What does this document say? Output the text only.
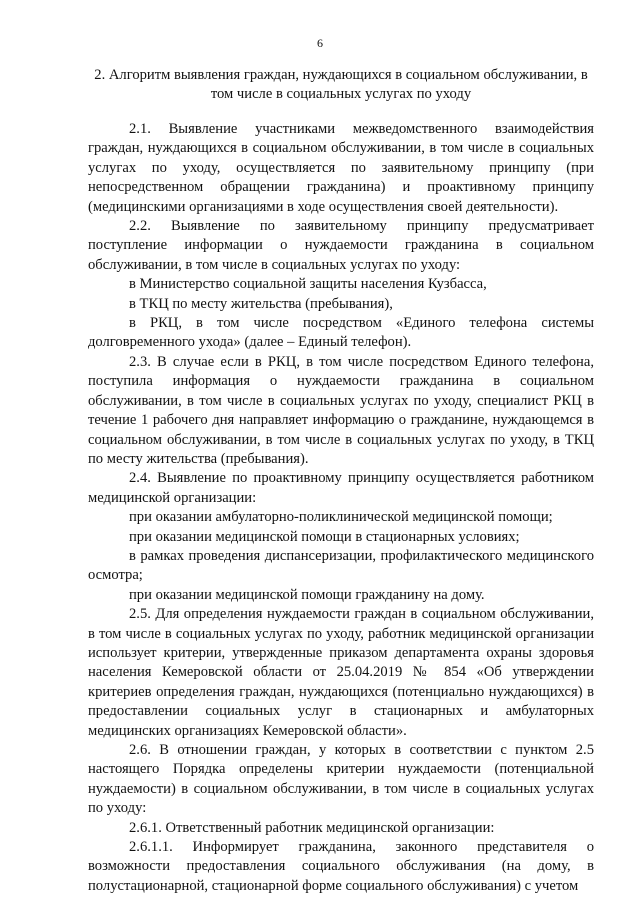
6
2. Алгоритм выявления граждан, нуждающихся в социальном обслуживании, в том числе в социальных услугах по уходу

2.1. Выявление участниками межведомственного взаимодействия граждан, нуждающихся в социальном обслуживании, в том числе в социальных услугах по уходу, осуществляется по заявительному принципу (при непосредственном обращении гражданина) и проактивному принципу (медицинскими организациями в ходе осуществления своей деятельности).

2.2. Выявление по заявительному принципу предусматривает поступление информации о нуждаемости гражданина в социальном обслуживании, в том числе в социальных услугах по уходу:

в Министерство социальной защиты населения Кузбасса,

в ТКЦ по месту жительства (пребывания),

в РКЦ, в том числе посредством «Единого телефона системы долговременного ухода» (далее – Единый телефон).

2.3. В случае если в РКЦ, в том числе посредством Единого телефона, поступила информация о нуждаемости гражданина в социальном обслуживании, в том числе в социальных услугах по уходу, специалист РКЦ в течение 1 рабочего дня направляет информацию о гражданине, нуждающемся в социальном обслуживании, в том числе в социальных услугах по уходу, в ТКЦ по месту жительства (пребывания).

2.4. Выявление по проактивному принципу осуществляется работником медицинской организации:

при оказании амбулаторно-поликлинической медицинской помощи;

при оказании медицинской помощи в стационарных условиях;

в рамках проведения диспансеризации, профилактического медицинского осмотра;

при оказании медицинской помощи гражданину на дому.

2.5. Для определения нуждаемости граждан в социальном обслуживании, в том числе в социальных услугах по уходу, работник медицинской организации использует критерии, утвержденные приказом департамента охраны здоровья населения Кемеровской области от 25.04.2019 № 854 «Об утверждении критериев определения граждан, нуждающихся (потенциально нуждающихся) в предоставлении социальных услуг в стационарных и амбулаторных медицинских организациях Кемеровской области».

2.6. В отношении граждан, у которых в соответствии с пунктом 2.5 настоящего Порядка определены критерии нуждаемости (потенциальной нуждаемости) в социальном обслуживании, в том числе в социальных услугах по уходу:

2.6.1. Ответственный работник медицинской организации:

2.6.1.1. Информирует гражданина, законного представителя о возможности предоставления социального обслуживания (на дому, в полустационарной, стационарной форме социального обслуживания) с учетом
